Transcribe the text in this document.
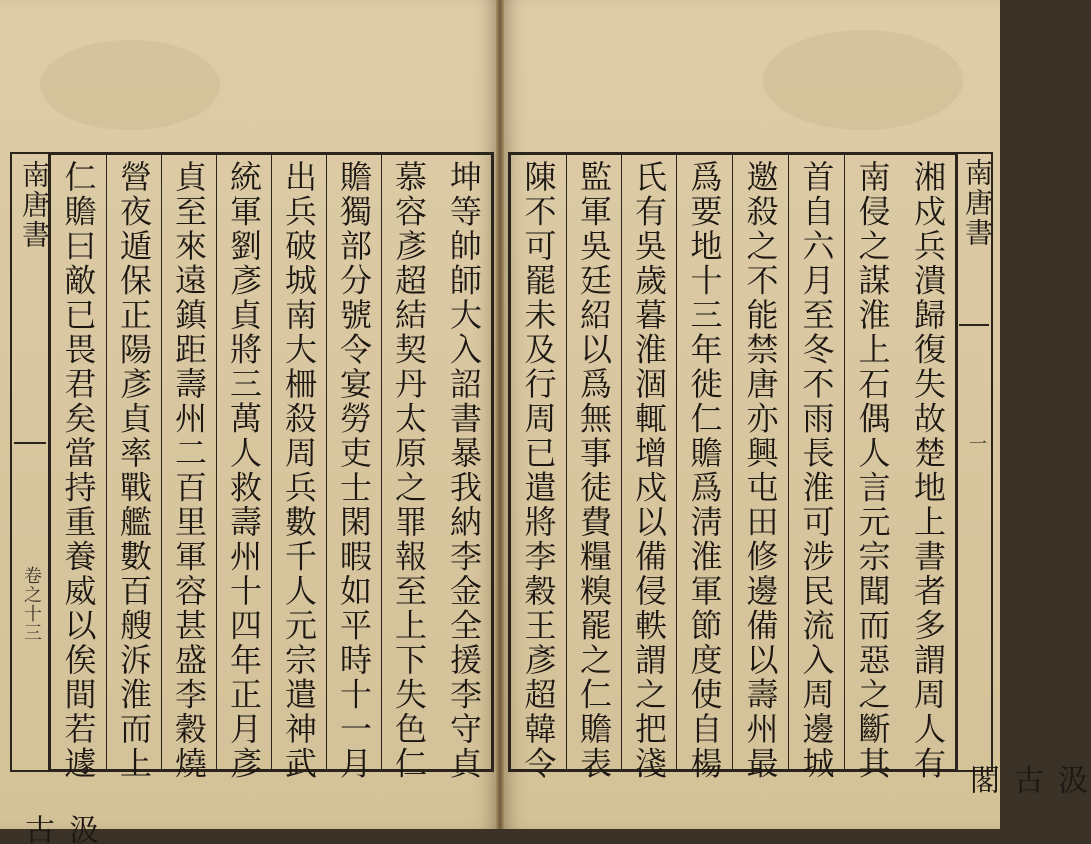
南唐書
卷之十三
汲古
坤等帥師大入詔書暴我納李金全援李守貞
慕容彥超結契丹太原之罪報至上下失色仁
贍獨部分號令宴勞吏士閑暇如平時十一月
出兵破城南大柵殺周兵數千人元宗遣神武
統軍劉彥貞將三萬人救壽州十四年正月彥
貞至來遠鎮距壽州二百里軍容甚盛李穀燒
營夜遁保正陽彥貞率戰艦數百艘泝淮而上
仁贍曰敵已畏君矣當持重養威以俟間若遽	湘戍兵潰歸復失故楚地上書者多謂周人有
南侵之謀淮上石偶人言元宗聞而惡之斷其
首自六月至冬不雨長淮可涉民流入周邊城
邀殺之不能禁唐亦興屯田修邊備以壽州最
爲要地十三年徙仁贍爲淸淮軍節度使自楊
氏有吳歲暮淮涸輒增戍以備侵軼謂之把淺
監軍吳廷紹以爲無事徒費糧糗罷之仁贍表
陳不可罷未及行周已遣將李穀王彥超韓令	南唐書
一
汲古閣
